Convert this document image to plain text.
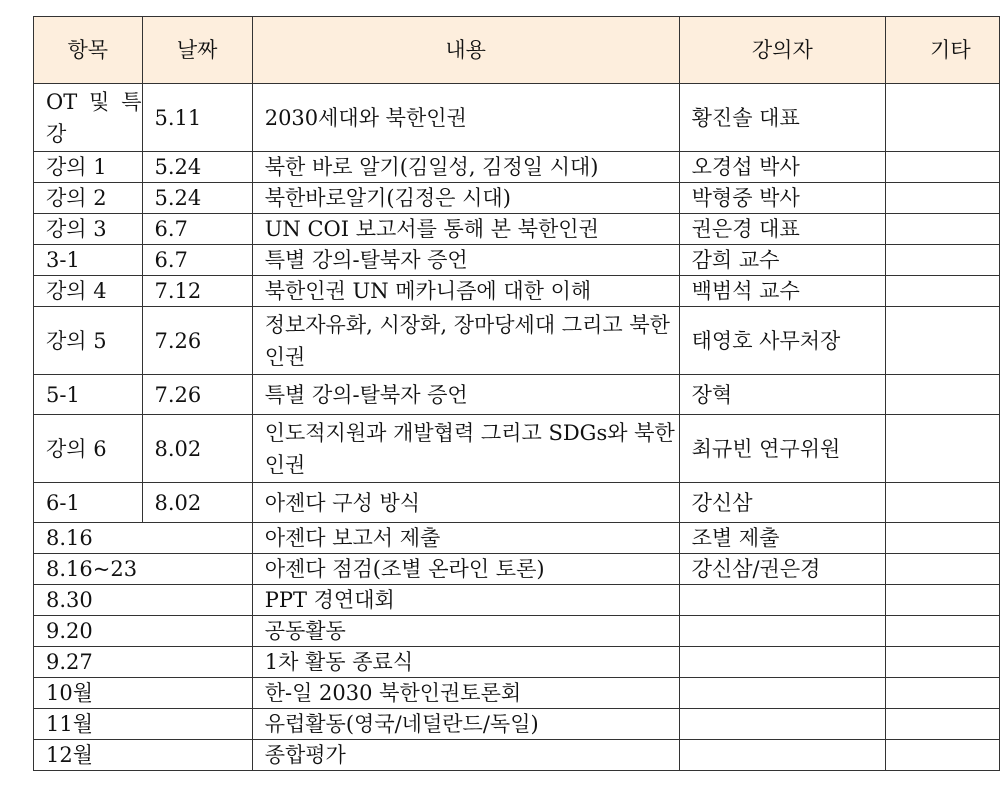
항목	날짜	내용	강의자	기타
OT 및 특강	5.11	2030세대와 북한인권	황진솔 대표	
강의 1	5.24	북한 바로 알기(김일성, 김정일 시대)	오경섭 박사	
강의 2	5.24	북한바로알기(김정은 시대)	박형중 박사	
강의 3	6.7	UN COI 보고서를 통해 본 북한인권	권은경 대표	
3-1	6.7	특별 강의-탈북자 증언	감희 교수	
강의 4	7.12	북한인권 UN 메카니즘에 대한 이해	백범석 교수	
강의 5	7.26	정보자유화, 시장화, 장마당세대 그리고 북한인권	태영호 사무처장	
5-1	7.26	특별 강의-탈북자 증언	장혁	
강의 6	8.02	인도적지원과 개발협력 그리고 SDGs와 북한인권	최규빈 연구위원	
6-1	8.02	아젠다 구성 방식	강신삼	
8.16		아젠다 보고서 제출	조별 제출	
8.16~23		아젠다 점검(조별 온라인 토론)	강신삼/권은경	
8.30		PPT 경연대회		
9.20		공동활동		
9.27		1차 활동 종료식		
10월		한-일 2030 북한인권토론회		
11월		유럽활동(영국/네덜란드/독일)		
12월		종합평가		
